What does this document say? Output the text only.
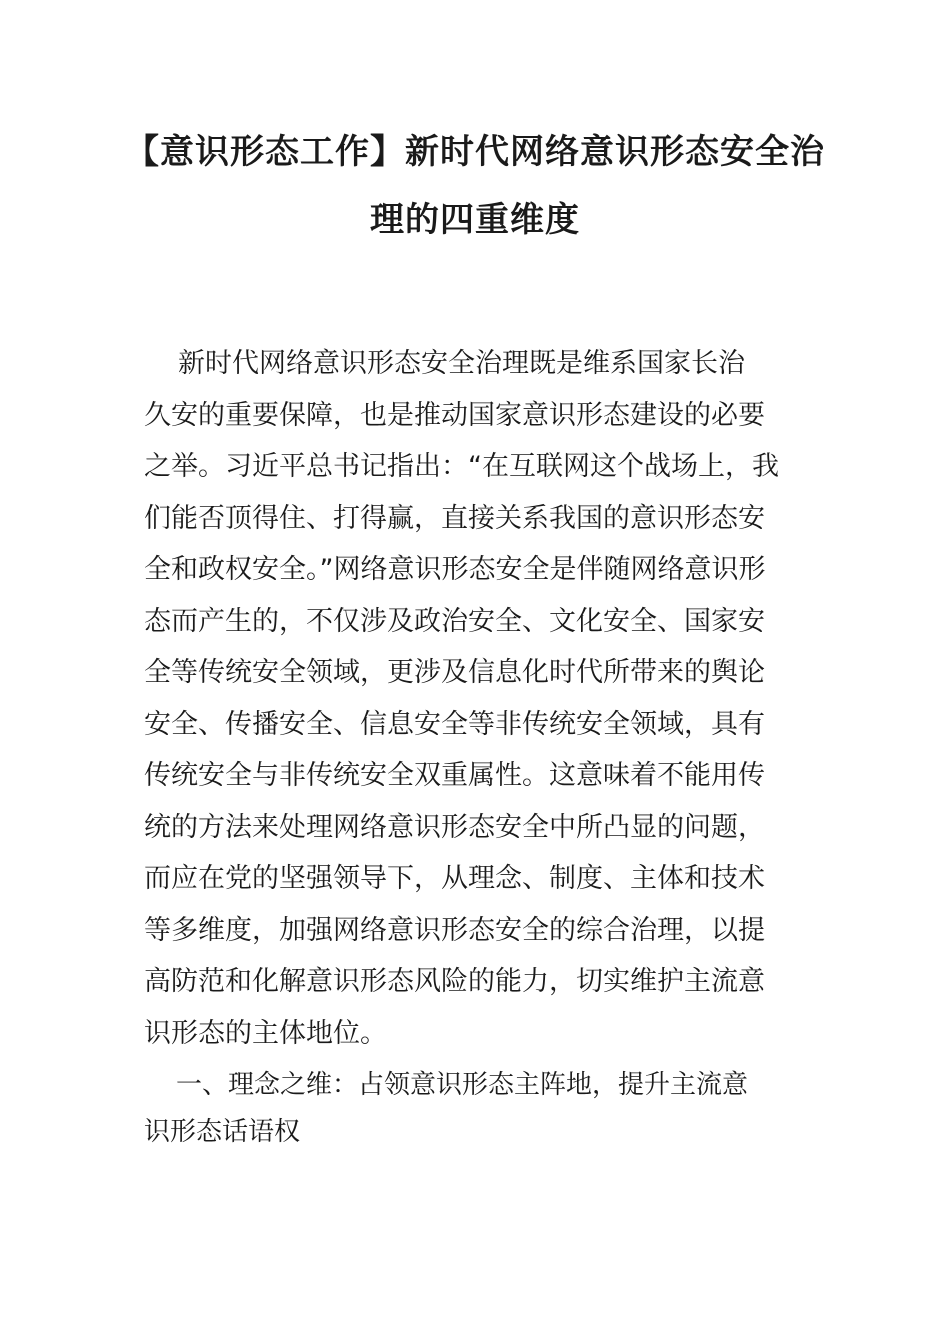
【意识形态工作】新时代网络意识形态安全治
理的四重维度
新时代网络意识形态安全治理既是维系国家长治
久安的重要保障，也是推动国家意识形态建设的必要
之举。习近平总书记指出：“在互联网这个战场上，我
们能否顶得住、打得赢，直接关系我国的意识形态安
全和政权安全。”网络意识形态安全是伴随网络意识形
态而产生的，不仅涉及政治安全、文化安全、国家安
全等传统安全领域，更涉及信息化时代所带来的舆论
安全、传播安全、信息安全等非传统安全领域，具有
传统安全与非传统安全双重属性。这意味着不能用传
统的方法来处理网络意识形态安全中所凸显的问题，
而应在党的坚强领导下，从理念、制度、主体和技术
等多维度，加强网络意识形态安全的综合治理，以提
高防范和化解意识形态风险的能力，切实维护主流意
识形态的主体地位。
一、理念之维：占领意识形态主阵地，提升主流意
识形态话语权
